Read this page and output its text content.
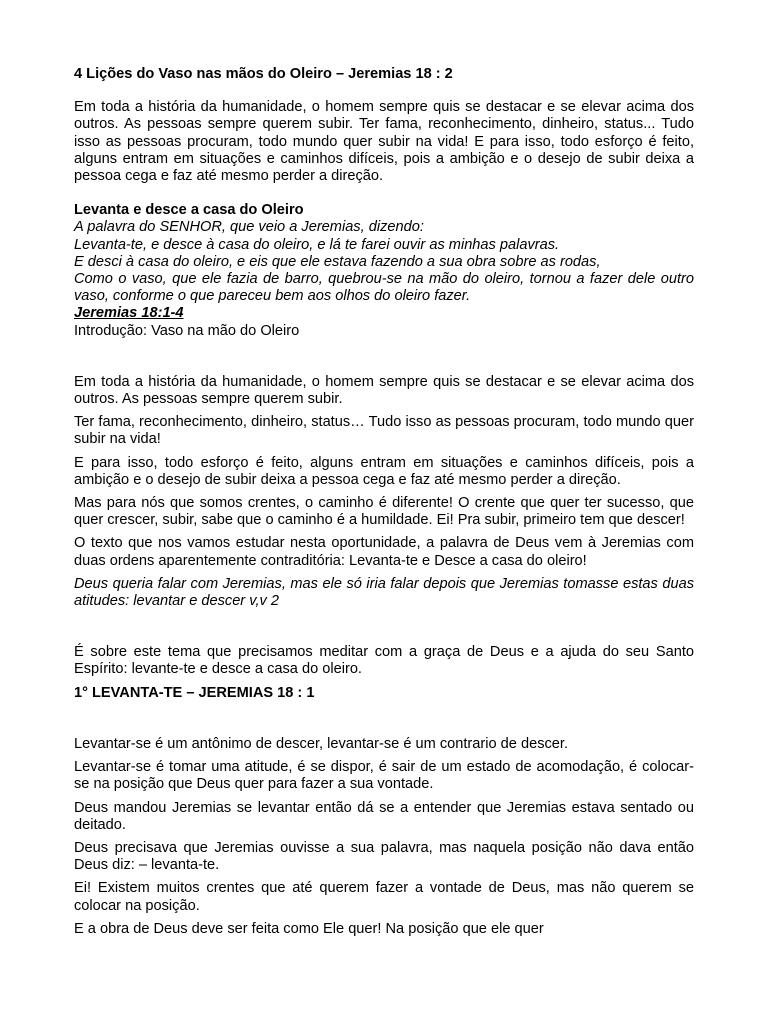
4 Lições do Vaso nas mãos do Oleiro – Jeremias 18 : 2

Em toda a história da humanidade, o homem sempre quis se destacar e se elevar acima dos outros. As pessoas sempre querem subir. Ter fama, reconhecimento, dinheiro, status... Tudo isso as pessoas procuram, todo mundo quer subir na vida! E para isso, todo esforço é feito, alguns entram em situações e caminhos difíceis, pois a ambição e o desejo de subir deixa a pessoa cega e faz até mesmo perder a direção.

Levanta e desce a casa do Oleiro

A palavra do SENHOR, que veio a Jeremias, dizendo:

Levanta-te, e desce à casa do oleiro, e lá te farei ouvir as minhas palavras.

E desci à casa do oleiro, e eis que ele estava fazendo a sua obra sobre as rodas,

Como o vaso, que ele fazia de barro, quebrou-se na mão do oleiro, tornou a fazer dele outro vaso, conforme o que pareceu bem aos olhos do oleiro fazer.

Jeremias 18:1-4

Introdução: Vaso na mão do Oleiro

Em toda a história da humanidade, o homem sempre quis se destacar e se elevar acima dos outros. As pessoas sempre querem subir.

Ter fama, reconhecimento, dinheiro, status… Tudo isso as pessoas procuram, todo mundo quer subir na vida!

E para isso, todo esforço é feito, alguns entram em situações e caminhos difíceis, pois a ambição e o desejo de subir deixa a pessoa cega e faz até mesmo perder a direção.

Mas para nós que somos crentes, o caminho é diferente! O crente que quer ter sucesso, que quer crescer, subir, sabe que o caminho é a humildade. Ei! Pra subir, primeiro tem que descer!

O texto que nos vamos estudar nesta oportunidade, a palavra de Deus vem à Jeremias com duas ordens aparentemente contraditória: Levanta-te e Desce a casa do oleiro!

Deus queria falar com Jeremias, mas ele só iria falar depois que Jeremias tomasse estas duas atitudes: levantar e descer v,v 2

É sobre este tema que precisamos meditar com a graça de Deus e a ajuda do seu Santo Espírito: levante-te e desce a casa do oleiro.

1° LEVANTA-TE – JEREMIAS 18 : 1

Levantar-se é um antônimo de descer, levantar-se é um contrario de descer.

Levantar-se é tomar uma atitude, é se dispor, é sair de um estado de acomodação, é colocar-se na posição que Deus quer para fazer a sua vontade.

Deus mandou Jeremias se levantar então dá se a entender que Jeremias estava sentado ou deitado.

Deus precisava que Jeremias ouvisse a sua palavra, mas naquela posição não dava então Deus diz: – levanta-te.

Ei! Existem muitos crentes que até querem fazer a vontade de Deus, mas não querem se colocar na posição.

E a obra de Deus deve ser feita como Ele quer! Na posição que ele quer
